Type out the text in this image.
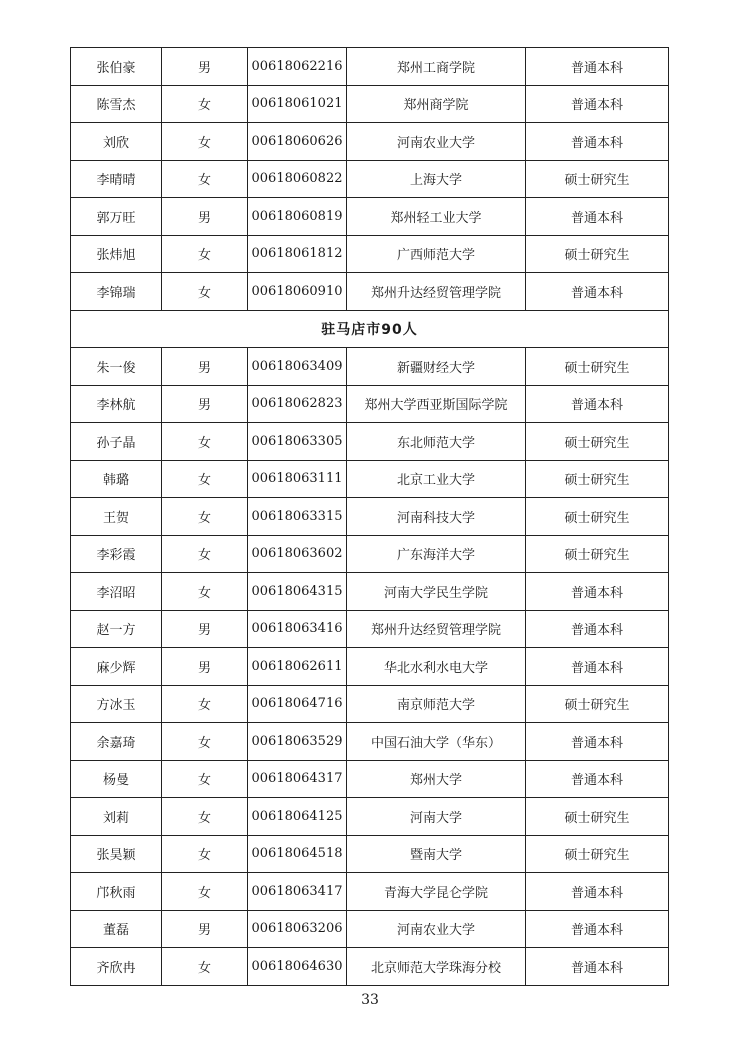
张伯豪	男	00618062216	郑州工商学院	普通本科
陈雪杰	女	00618061021	郑州商学院	普通本科
刘欣	女	00618060626	河南农业大学	普通本科
李晴晴	女	00618060822	上海大学	硕士研究生
郭万旺	男	00618060819	郑州轻工业大学	普通本科
张炜旭	女	00618061812	广西师范大学	硕士研究生
李锦瑞	女	00618060910	郑州升达经贸管理学院	普通本科
驻马店市90人				
朱一俊	男	00618063409	新疆财经大学	硕士研究生
李林航	男	00618062823	郑州大学西亚斯国际学院	普通本科
孙子晶	女	00618063305	东北师范大学	硕士研究生
韩璐	女	00618063111	北京工业大学	硕士研究生
王贺	女	00618063315	河南科技大学	硕士研究生
李彩霞	女	00618063602	广东海洋大学	硕士研究生
李沼昭	女	00618064315	河南大学民生学院	普通本科
赵一方	男	00618063416	郑州升达经贸管理学院	普通本科
麻少辉	男	00618062611	华北水利水电大学	普通本科
方冰玉	女	00618064716	南京师范大学	硕士研究生
余嘉琦	女	00618063529	中国石油大学（华东）	普通本科
杨曼	女	00618064317	郑州大学	普通本科
刘莉	女	00618064125	河南大学	硕士研究生
张昊颖	女	00618064518	暨南大学	硕士研究生
邝秋雨	女	00618063417	青海大学昆仑学院	普通本科
董磊	男	00618063206	河南农业大学	普通本科
齐欣冉	女	00618064630	北京师范大学珠海分校	普通本科
33
